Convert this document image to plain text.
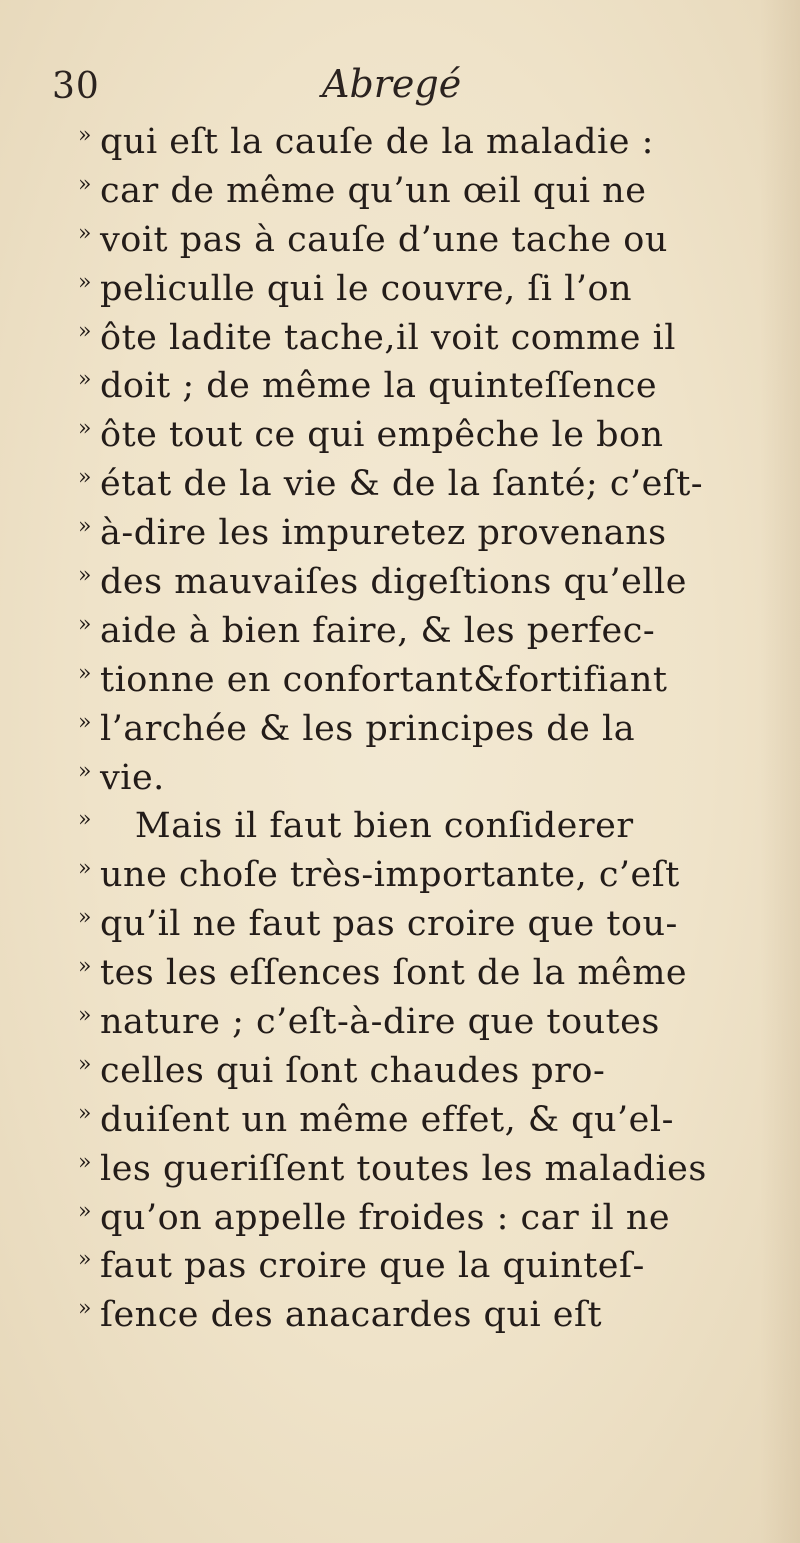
30	Abregé
» qui eſt la cauſe de la maladie :
» car de même qu’un œil qui ne
» voit pas à cauſe d’une tache ou
» peliculle qui le couvre, ſi l’on
» ôte ladite tache,il voit comme il
» doit ; de même la quinteſſence
» ôte tout ce qui empêche le bon
» état de la vie & de la ſanté; c’eſt-
» à-dire les impuretez provenans
» des mauvaiſes digeſtions qu’elle
» aide à bien faire, & les perfec-
» tionne en confortant&fortifiant
» l’archée & les principes de la
» vie.
»   Mais il faut bien conſiderer
» une choſe très-importante, c’eſt
» qu’il ne faut pas croire que tou-
» tes les eſſences ſont de la même
» nature ; c’eſt-à-dire que toutes
» celles qui ſont chaudes pro-
» duiſent un même effet, & qu’el-
» les gueriſſent toutes les maladies
» qu’on appelle froides : car il ne
» faut pas croire que la quinteſ-
» ſence des anacardes qui eſt
